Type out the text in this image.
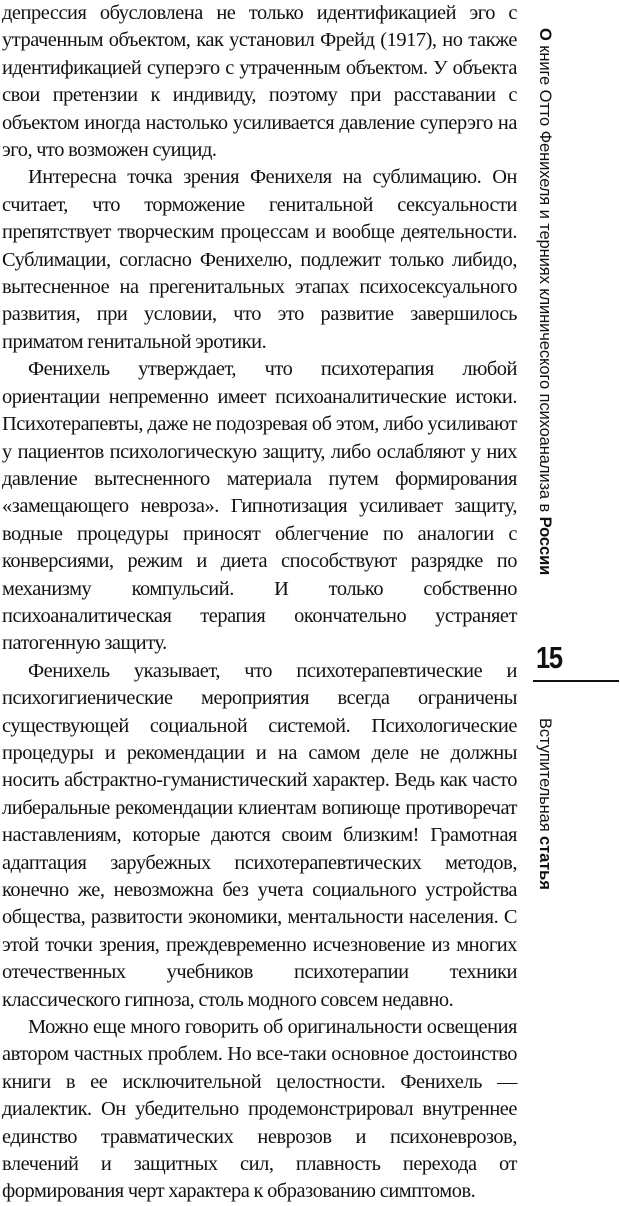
депрессия обусловлена не только идентификацией эго с утраченным объектом, как установил Фрейд (1917), но также идентификацией суперэго с утраченным объектом. У объекта свои претензии к индивиду, поэтому при расставании с объектом иногда настолько усиливается давление суперэго на эго, что возможен суицид.

Интересна точка зрения Фенихеля на сублимацию. Он считает, что торможение генитальной сексуальности препятствует творческим процессам и вообще деятельности. Сублимации, согласно Фенихелю, подлежит только либидо, вытесненное на прегенитальных этапах психосексуального развития, при условии, что это развитие завершилось приматом генитальной эротики.

Фенихель утверждает, что психотерапия любой ориентации непременно имеет психоаналитические истоки. Психотерапевты, даже не подозревая об этом, либо усиливают у пациентов психологическую защиту, либо ослабляют у них давление вытесненного материала путем формирования «замещающего невроза». Гипнотизация усиливает защиту, водные процедуры приносят облегчение по аналогии с конверсиями, режим и диета способствуют разрядке по механизму компульсий. И только собственно психоаналитическая терапия окончательно устраняет патогенную защиту.

Фенихель указывает, что психотерапевтические и психогигиенические мероприятия всегда ограничены существующей социальной системой. Психологические процедуры и рекомендации и на самом деле не должны носить абстрактно-гуманистический характер. Ведь как часто либеральные рекомендации клиентам вопиюще противоречат наставлениям, которые даются своим близким! Грамотная адаптация зарубежных психотерапевтических методов, конечно же, невозможна без учета социального устройства общества, развитости экономики, ментальности населения. С этой точки зрения, преждевременно исчезновение из многих отечественных учебников психотерапии техники классического гипноза, столь модного совсем недавно.

Можно еще много говорить об оригинальности освещения автором частных проблем. Но все-таки основное достоинство книги в ее исключительной целостности. Фенихель — диалектик. Он убедительно продемонстрировал внутреннее единство травматических неврозов и психоневрозов, влечений и защитных сил, плавность перехода от формирования черт характера к образованию симптомов.

О книге Отто Фенихеля и терниях клинического психоанализа в России
Вступительная статья
15
